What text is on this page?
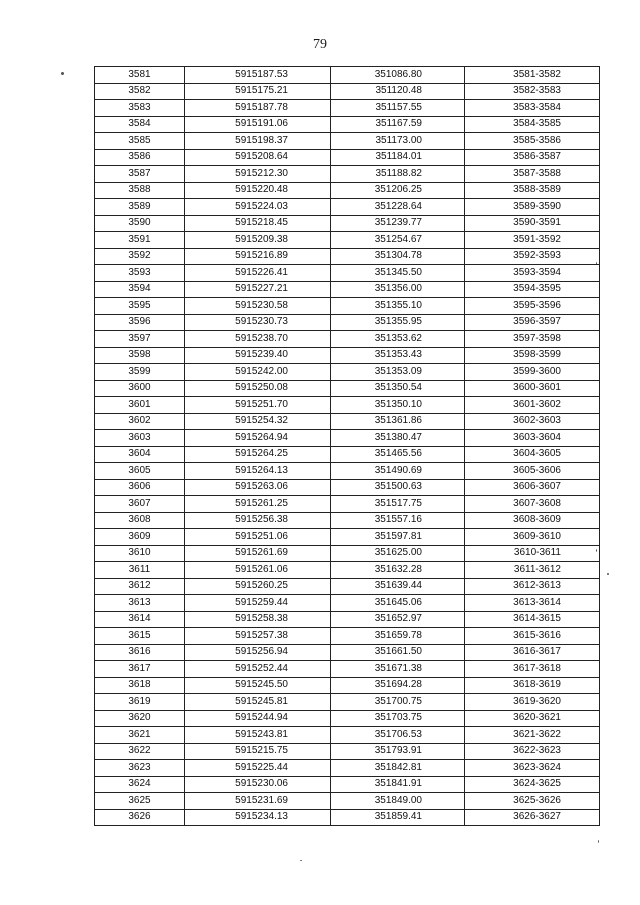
79
3581	5915187.53	351086.80	3581-3582
3582	5915175.21	351120.48	3582-3583
3583	5915187.78	351157.55	3583-3584
3584	5915191.06	351167.59	3584-3585
3585	5915198.37	351173.00	3585-3586
3586	5915208.64	351184.01	3586-3587
3587	5915212.30	351188.82	3587-3588
3588	5915220.48	351206.25	3588-3589
3589	5915224.03	351228.64	3589-3590
3590	5915218.45	351239.77	3590-3591
3591	5915209.38	351254.67	3591-3592
3592	5915216.89	351304.78	3592-3593
3593	5915226.41	351345.50	3593-3594
3594	5915227.21	351356.00	3594-3595
3595	5915230.58	351355.10	3595-3596
3596	5915230.73	351355.95	3596-3597
3597	5915238.70	351353.62	3597-3598
3598	5915239.40	351353.43	3598-3599
3599	5915242.00	351353.09	3599-3600
3600	5915250.08	351350.54	3600-3601
3601	5915251.70	351350.10	3601-3602
3602	5915254.32	351361.86	3602-3603
3603	5915264.94	351380.47	3603-3604
3604	5915264.25	351465.56	3604-3605
3605	5915264.13	351490.69	3605-3606
3606	5915263.06	351500.63	3606-3607
3607	5915261.25	351517.75	3607-3608
3608	5915256.38	351557.16	3608-3609
3609	5915251.06	351597.81	3609-3610
3610	5915261.69	351625.00	3610-3611
3611	5915261.06	351632.28	3611-3612
3612	5915260.25	351639.44	3612-3613
3613	5915259.44	351645.06	3613-3614
3614	5915258.38	351652.97	3614-3615
3615	5915257.38	351659.78	3615-3616
3616	5915256.94	351661.50	3616-3617
3617	5915252.44	351671.38	3617-3618
3618	5915245.50	351694.28	3618-3619
3619	5915245.81	351700.75	3619-3620
3620	5915244.94	351703.75	3620-3621
3621	5915243.81	351706.53	3621-3622
3622	5915215.75	351793.91	3622-3623
3623	5915225.44	351842.81	3623-3624
3624	5915230.06	351841.91	3624-3625
3625	5915231.69	351849.00	3625-3626
3626	5915234.13	351859.41	3626-3627
